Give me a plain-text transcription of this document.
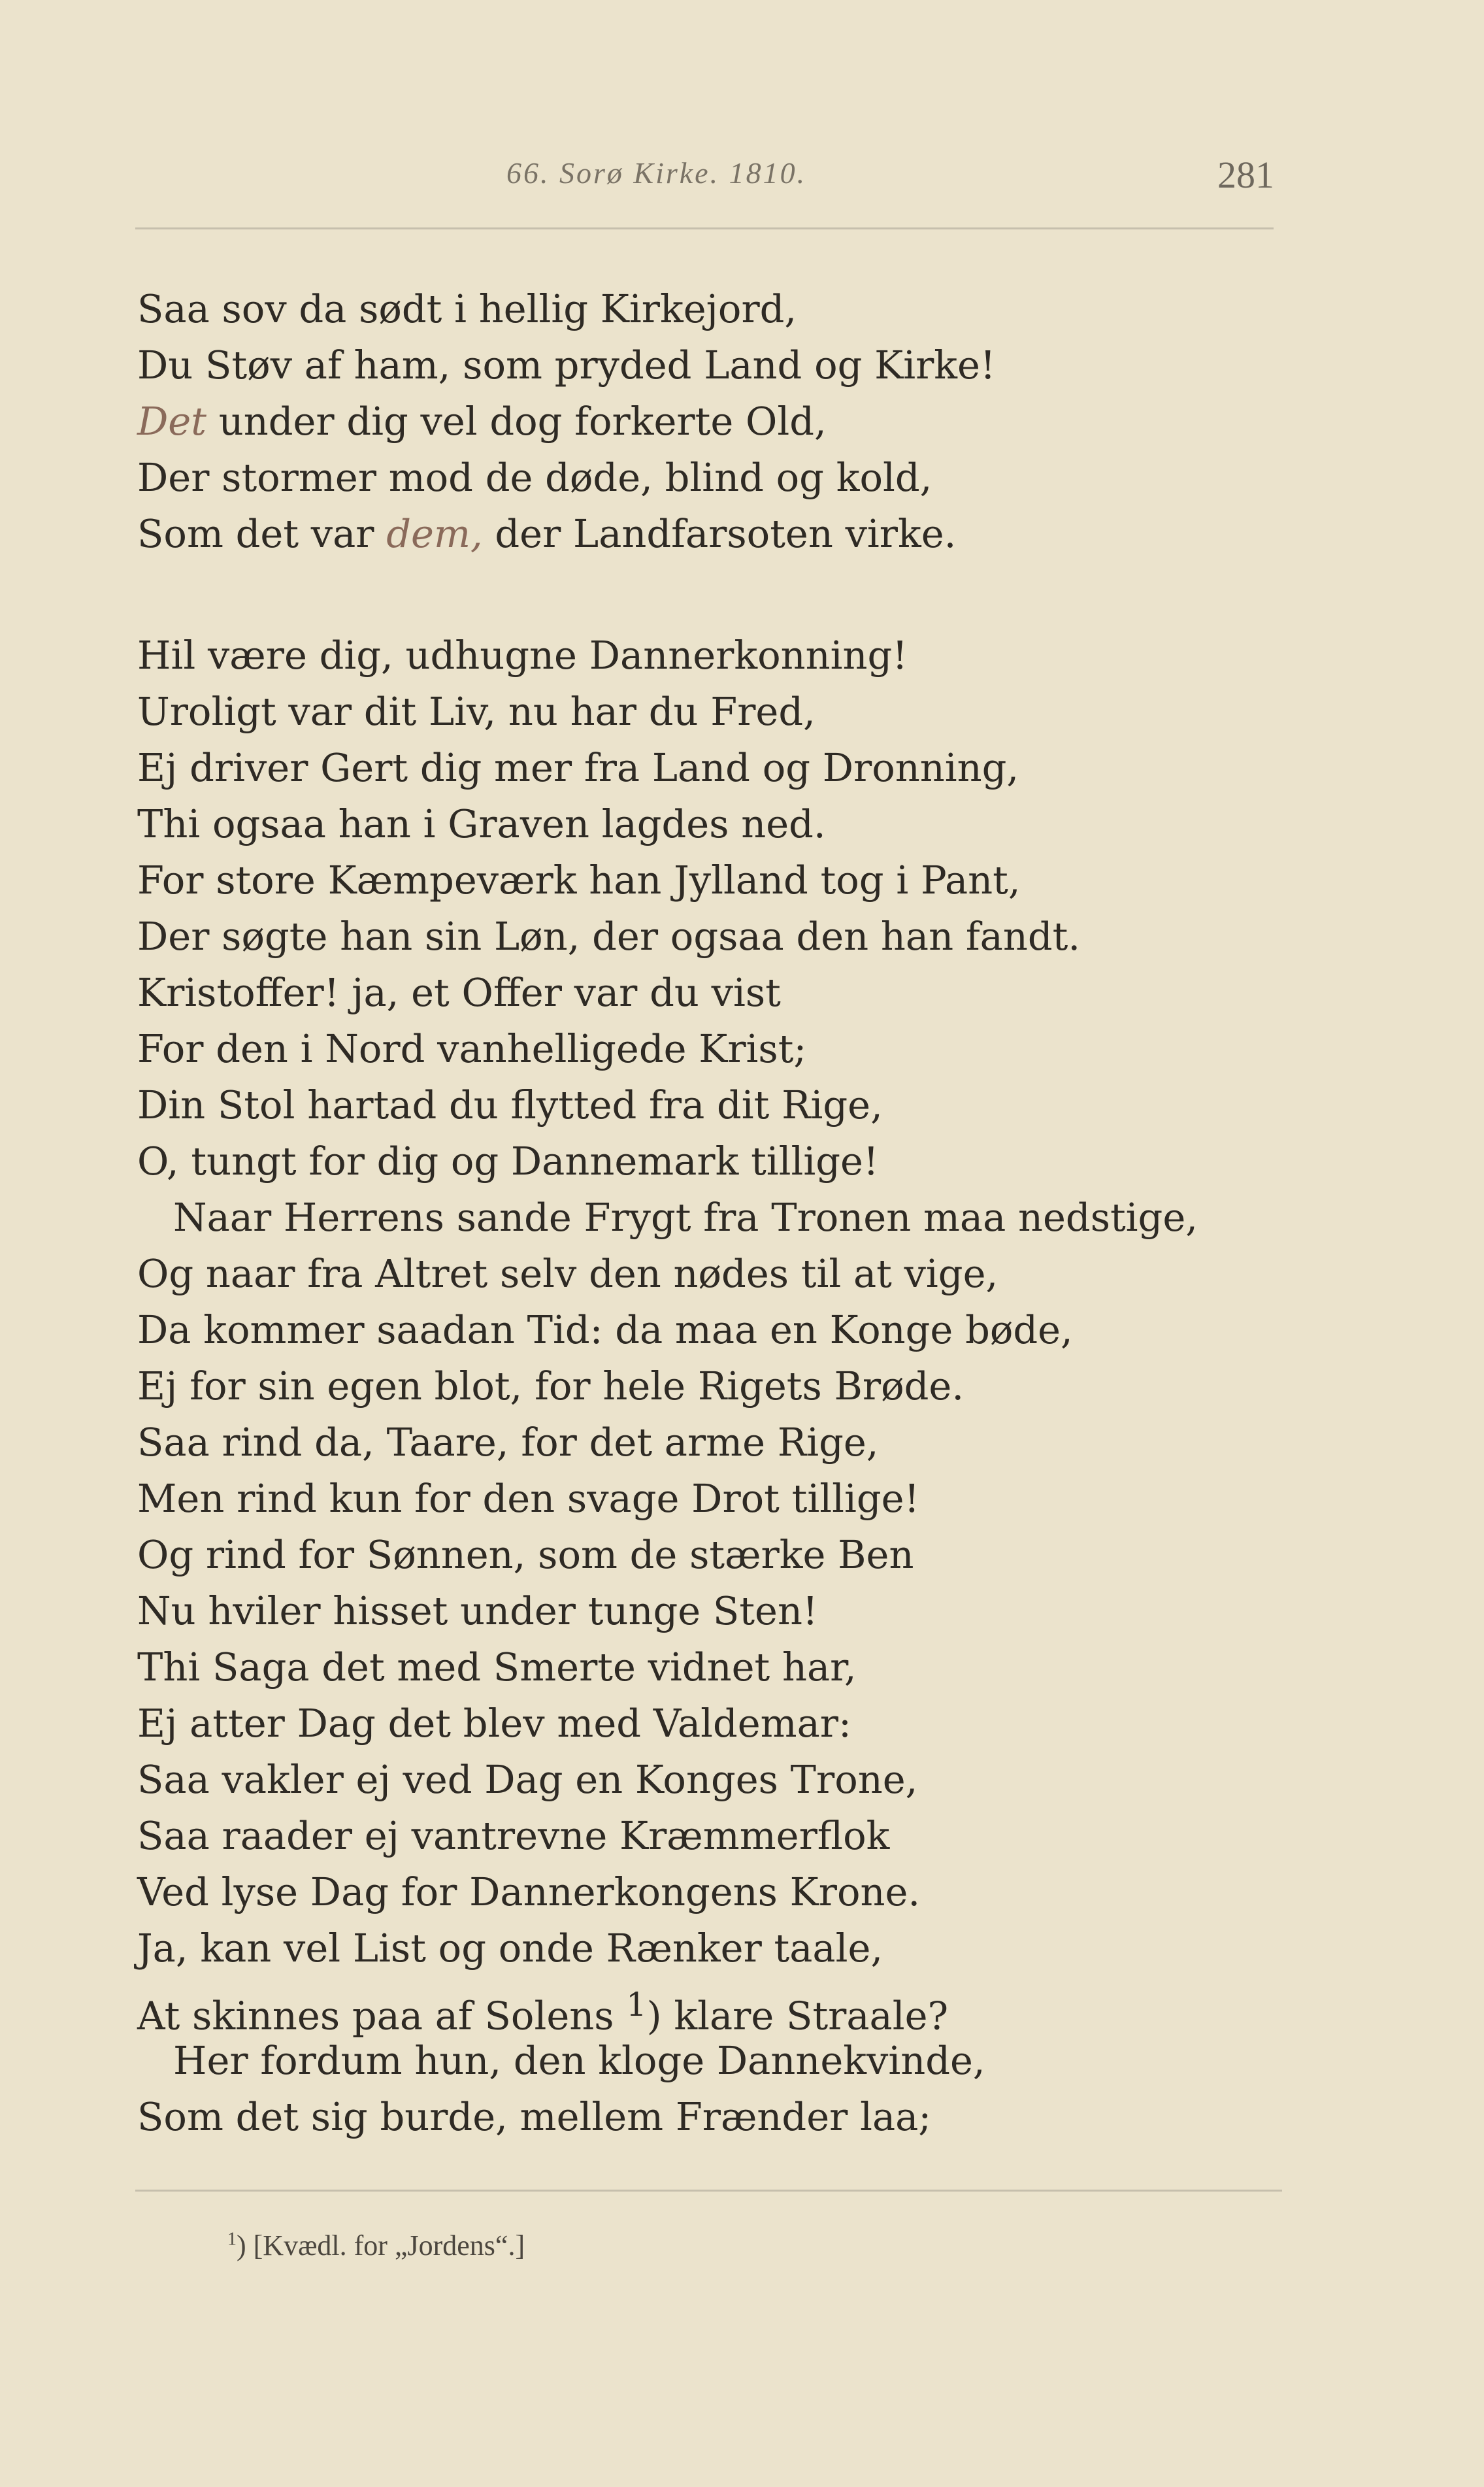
66. Sorø Kirke. 1810.	281
Saa sov da sødt i hellig Kirkejord,
Du Støv af ham, som pryded Land og Kirke!
Det under dig vel dog forkerte Old,
Der stormer mod de døde, blind og kold,
Som det var dem, der Landfarsoten virke.
Hil være dig, udhugne Dannerkonning!
Uroligt var dit Liv, nu har du Fred,
Ej driver Gert dig mer fra Land og Dronning,
Thi ogsaa han i Graven lagdes ned.
For store Kæmpeværk han Jylland tog i Pant,
Der søgte han sin Løn, der ogsaa den han fandt.
Kristoffer! ja, et Offer var du vist
For den i Nord vanhelligede Krist;
Din Stol hartad du flytted fra dit Rige,
O, tungt for dig og Dannemark tillige!
Naar Herrens sande Frygt fra Tronen maa nedstige,
Og naar fra Altret selv den nødes til at vige,
Da kommer saadan Tid: da maa en Konge bøde,
Ej for sin egen blot, for hele Rigets Brøde.
Saa rind da, Taare, for det arme Rige,
Men rind kun for den svage Drot tillige!
Og rind for Sønnen, som de stærke Ben
Nu hviler hisset under tunge Sten!
Thi Saga det med Smerte vidnet har,
Ej atter Dag det blev med Valdemar:
Saa vakler ej ved Dag en Konges Trone,
Saa raader ej vantrevne Kræmmerflok
Ved lyse Dag for Dannerkongens Krone.
Ja, kan vel List og onde Rænker taale,
At skinnes paa af Solens $^1$) klare Straale?
Her fordum hun, den kloge Dannekvinde,
Som det sig burde, mellem Frænder laa;
$^1$) [Kvædl. for „Jordens“.]
